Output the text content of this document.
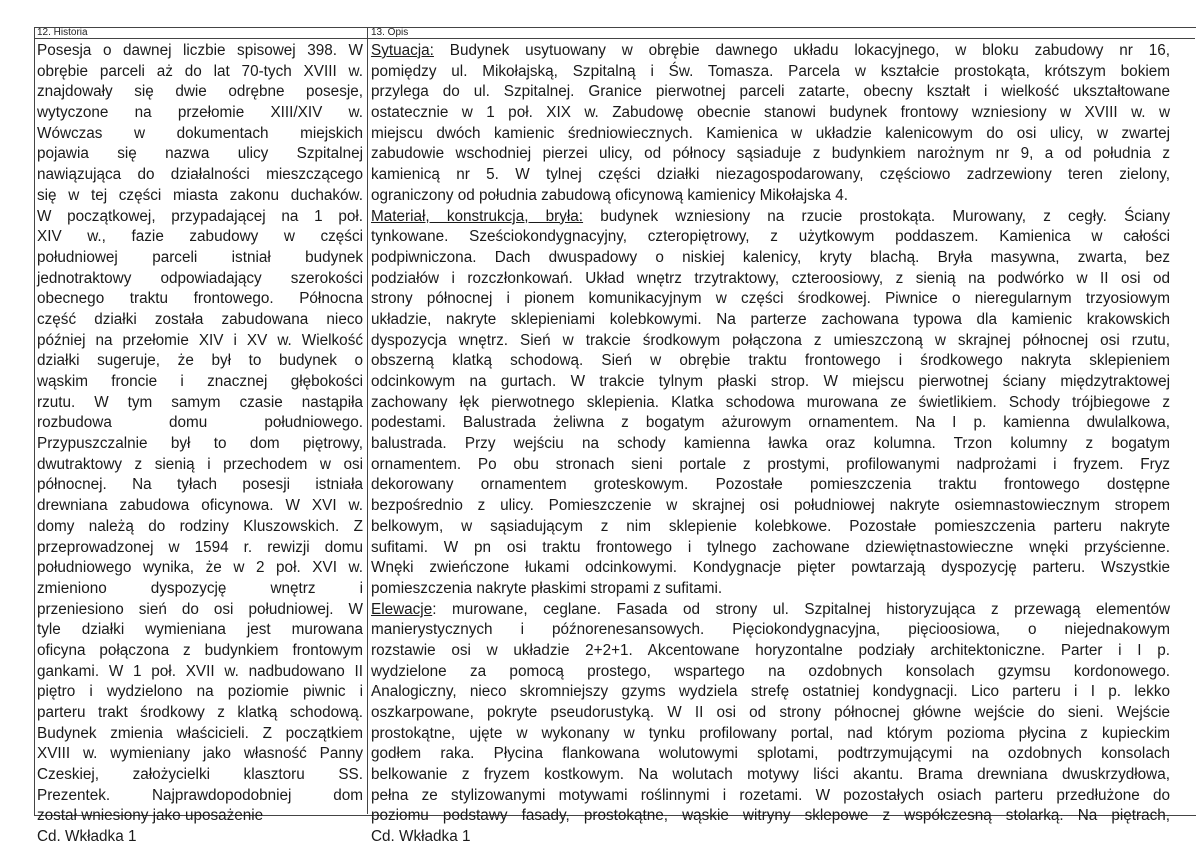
12. Historia	13. Opis
Posesja o dawnej liczbie spisowej 398. W
obrębie parceli aż do lat 70-tych XVIII w.
znajdowały się dwie odrębne posesje,
wytyczone na przełomie XIII/XIV w.
Wówczas w dokumentach miejskich
pojawia się nazwa ulicy Szpitalnej
nawiązująca do działalności mieszczącego
się w tej części miasta zakonu duchaków.
W początkowej, przypadającej na 1 poł.
XIV w., fazie zabudowy w części
południowej parceli istniał budynek
jednotraktowy odpowiadający szerokości
obecnego traktu frontowego. Północna
część działki została zabudowana nieco
później na przełomie XIV i XV w. Wielkość
działki sugeruje, że był to budynek o
wąskim froncie i znacznej głębokości
rzutu. W tym samym czasie nastąpiła
rozbudowa domu południowego.
Przypuszczalnie był to dom piętrowy,
dwutraktowy z sienią i przechodem w osi
północnej. Na tyłach posesji istniała
drewniana zabudowa oficynowa. W XVI w.
domy należą do rodziny Kluszowskich. Z
przeprowadzonej w 1594 r. rewizji domu
południowego wynika, że w 2 poł. XVI w.
zmieniono dyspozycję wnętrz i
przeniesiono sień do osi południowej. W
tyle działki wymieniana jest murowana
oficyna połączona z budynkiem frontowym
gankami. W 1 poł. XVII w. nadbudowano II
piętro i wydzielono na poziomie piwnic i
parteru trakt środkowy z klatką schodową.
Budynek zmienia właścicieli. Z początkiem
XVIII w. wymieniany jako własność Panny
Czeskiej, założycielki klasztoru SS.
Prezentek. Najprawdopodobniej dom
został wniesiony jako uposażenie
Cd. Wkładka 1
Sytuacja: Budynek usytuowany w obrębie dawnego układu lokacyjnego, w bloku zabudowy nr 16,
pomiędzy ul. Mikołajską, Szpitalną i Św. Tomasza. Parcela w kształcie prostokąta, krótszym bokiem
przylega do ul. Szpitalnej. Granice pierwotnej parceli zatarte, obecny kształt i wielkość ukształtowane
ostatecznie w 1 poł. XIX w. Zabudowę obecnie stanowi budynek frontowy wzniesiony w XVIII w. w
miejscu dwóch kamienic średniowiecznych. Kamienica w układzie kalenicowym do osi ulicy, w zwartej
zabudowie wschodniej pierzei ulicy, od północy sąsiaduje z budynkiem narożnym nr 9, a od południa z
kamienicą nr 5. W tylnej części działki niezagospodarowany, częściowo zadrzewiony teren zielony,
ograniczony od południa zabudową oficynową kamienicy Mikołajska 4.
Materiał, konstrukcja, bryła: budynek wzniesiony na rzucie prostokąta. Murowany, z cegły. Ściany
tynkowane. Sześciokondygnacyjny, czteropiętrowy, z użytkowym poddaszem. Kamienica w całości
podpiwniczona. Dach dwuspadowy o niskiej kalenicy, kryty blachą. Bryła masywna, zwarta, bez
podziałów i rozczłonkowań. Układ wnętrz trzytraktowy, czteroosiowy, z sienią na podwórko w II osi od
strony północnej i pionem komunikacyjnym w części środkowej. Piwnice o nieregularnym trzyosiowym
układzie, nakryte sklepieniami kolebkowymi. Na parterze zachowana typowa dla kamienic krakowskich
dyspozycja wnętrz. Sień w trakcie środkowym połączona z umieszczoną w skrajnej północnej osi rzutu,
obszerną klatką schodową. Sień w obrębie traktu frontowego i środkowego nakryta sklepieniem
odcinkowym na gurtach. W trakcie tylnym płaski strop. W miejscu pierwotnej ściany międzytraktowej
zachowany łęk pierwotnego sklepienia. Klatka schodowa murowana ze świetlikiem. Schody trójbiegowe z
podestami. Balustrada żeliwna z bogatym ażurowym ornamentem. Na I p. kamienna dwulalkowa,
balustrada. Przy wejściu na schody kamienna ławka oraz kolumna. Trzon kolumny z bogatym
ornamentem. Po obu stronach sieni portale z prostymi, profilowanymi nadprożami i fryzem. Fryz
dekorowany ornamentem groteskowym. Pozostałe pomieszczenia traktu frontowego dostępne
bezpośrednio z ulicy. Pomieszczenie w skrajnej osi południowej nakryte osiemnastowiecznym stropem
belkowym, w sąsiadującym z nim sklepienie kolebkowe. Pozostałe pomieszczenia parteru nakryte
sufitami. W pn osi traktu frontowego i tylnego zachowane dziewiętnastowieczne wnęki przyścienne.
Wnęki zwieńczone łukami odcinkowymi. Kondygnacje pięter powtarzają dyspozycję parteru. Wszystkie
pomieszczenia nakryte płaskimi stropami z sufitami.
Elewacje: murowane, ceglane. Fasada od strony ul. Szpitalnej historyzująca z przewagą elementów
manierystycznych i późnorenesansowych. Pięciokondygnacyjna, pięcioosiowa, o niejednakowym
rozstawie osi w układzie 2+2+1. Akcentowane horyzontalne podziały architektoniczne. Parter i I p.
wydzielone za pomocą prostego, wspartego na ozdobnych konsolach gzymsu kordonowego.
Analogiczny, nieco skromniejszy gzyms wydziela strefę ostatniej kondygnacji. Lico parteru i I p. lekko
oszkarpowane, pokryte pseudorustyką. W II osi od strony północnej główne wejście do sieni. Wejście
prostokątne, ujęte w wykonany w tynku profilowany portal, nad którym pozioma płycina z kupieckim
godłem raka. Płycina flankowana wolutowymi splotami, podtrzymującymi na ozdobnych konsolach
belkowanie z fryzem kostkowym. Na wolutach motywy liści akantu. Brama drewniana dwuskrzydłowa,
pełna ze stylizowanymi motywami roślinnymi i rozetami. W pozostałych osiach parteru przedłużone do
poziomu podstawy fasady, prostokątne, wąskie witryny sklepowe z współczesną stolarką. Na piętrach,
Cd. Wkładka 1
